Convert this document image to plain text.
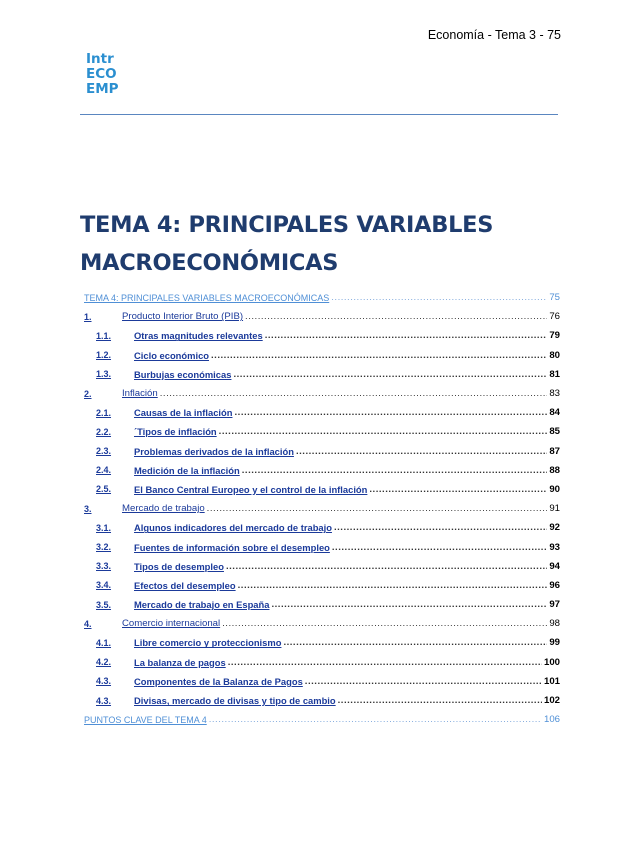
Economía - Tema 3 - 75
Intr
ECO
EMP
TEMA 4: PRINCIPALES VARIABLES
MACROECONÓMICAS
TEMA 4: PRINCIPALES VARIABLES MACROECONÓMICAS .....	75
1.	Producto Interior Bruto (PIB) .....	76
1.1.	Otras magnitudes relevantes .....	79
1.2.	Ciclo económico .....	80
1.3.	Burbujas económicas .....	81
2.	Inflación .....	83
2.1.	Causas de la inflación .....	84
2.2.	´Tipos de inflación .....	85
2.3.	Problemas derivados de la inflación .....	87
2.4.	Medición de la inflación .....	88
2.5.	El Banco Central Europeo y el control de la inflación .....	90
3.	Mercado de trabajo .....	91
3.1.	Algunos indicadores del mercado de trabajo .....	92
3.2.	Fuentes de información sobre el desempleo .....	93
3.3.	Tipos de desempleo .....	94
3.4.	Efectos del desempleo .....	96
3.5.	Mercado de trabajo en España .....	97
4.	Comercio internacional .....	98
4.1.	Libre comercio y proteccionismo .....	99
4.2.	La balanza de pagos .....	100
4.3.	Componentes de la Balanza de Pagos .....	101
4.3.	Divisas, mercado de divisas y tipo de cambio .....	102
PUNTOS CLAVE DEL TEMA 4 .....	106
